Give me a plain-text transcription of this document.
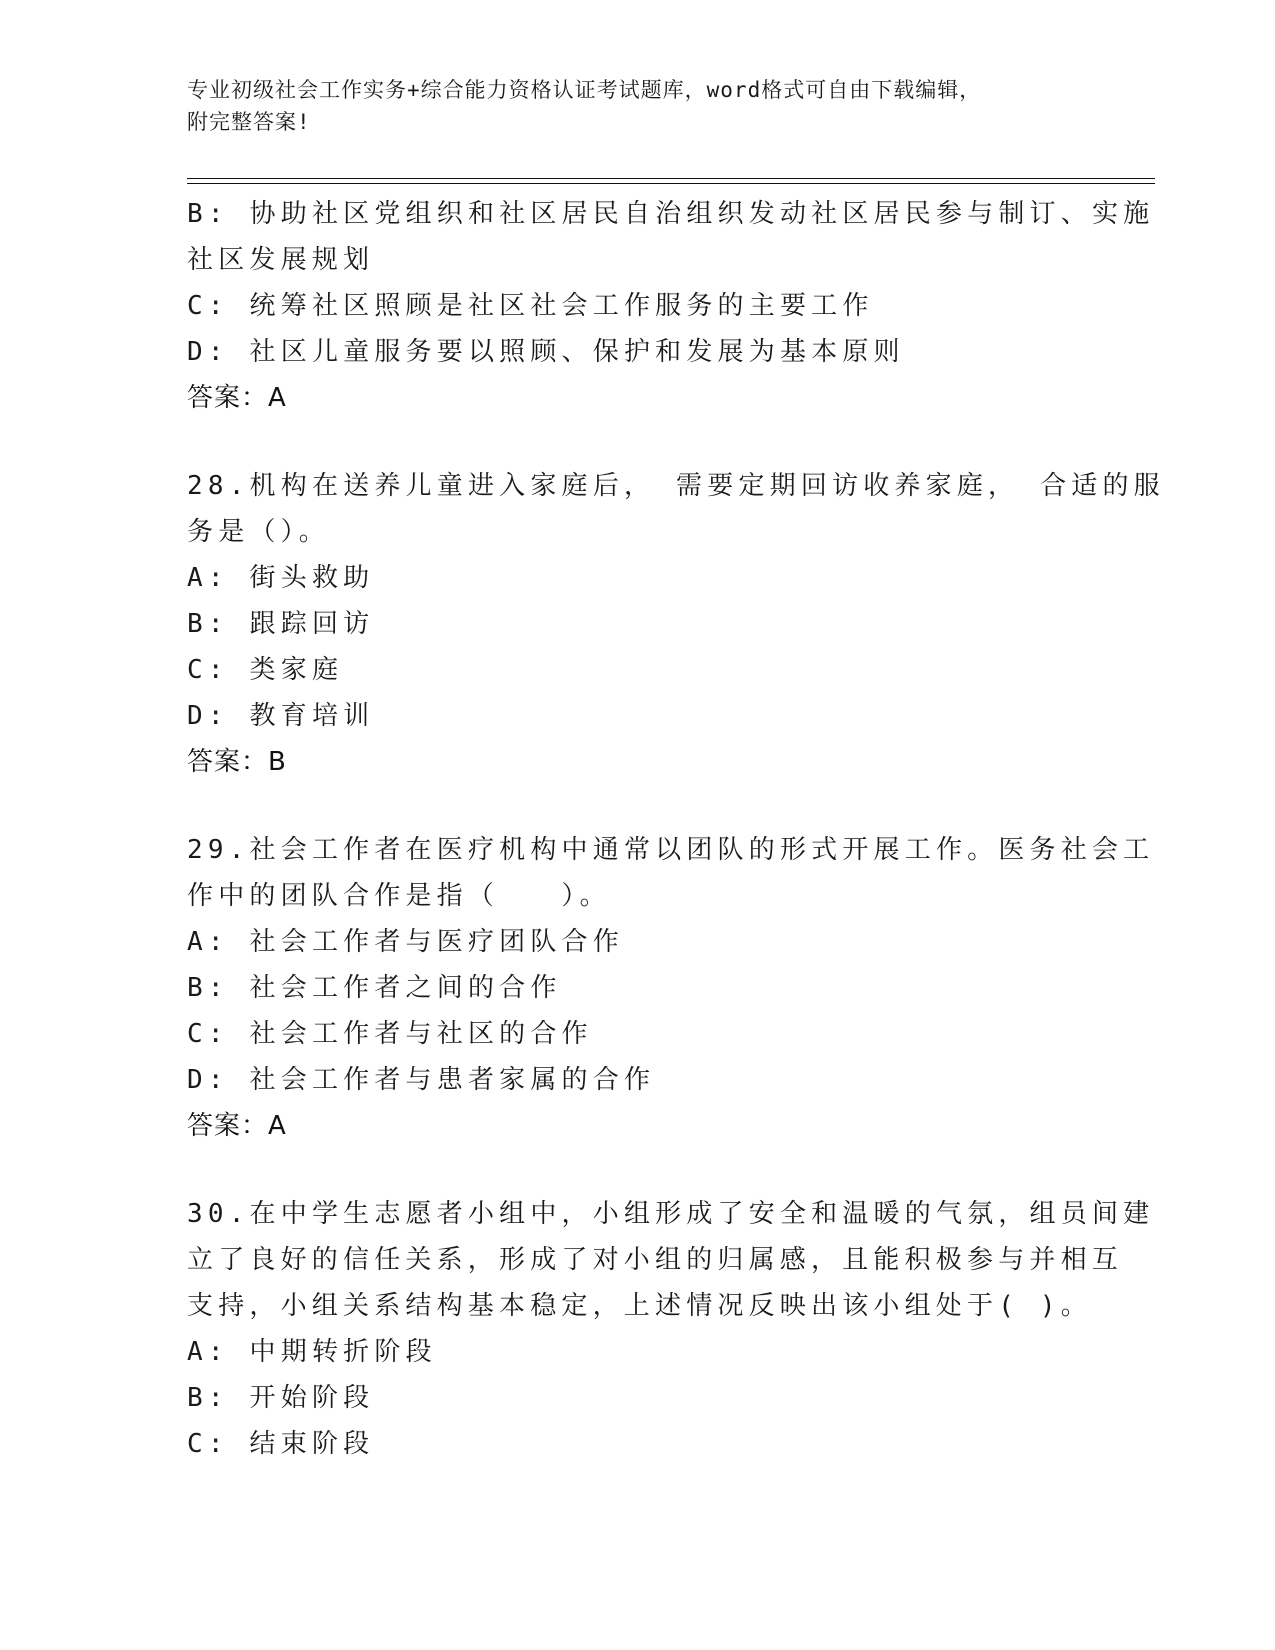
专业初级社会工作实务+综合能力资格认证考试题库，word格式可自由下载编辑，
附完整答案!
B: 协助社区党组织和社区居民自治组织发动社区居民参与制订、实施
社区发展规划
C: 统筹社区照顾是社区社会工作服务的主要工作
D: 社区儿童服务要以照顾、保护和发展为基本原则
答案：A
28.机构在送养儿童进入家庭后， 需要定期回访收养家庭， 合适的服
务是（）。
A: 街头救助
B: 跟踪回访
C: 类家庭
D: 教育培训
答案：B
29.社会工作者在医疗机构中通常以团队的形式开展工作。医务社会工
作中的团队合作是指（　　）。
A: 社会工作者与医疗团队合作
B: 社会工作者之间的合作
C: 社会工作者与社区的合作
D: 社会工作者与患者家属的合作
答案：A
30.在中学生志愿者小组中，小组形成了安全和温暖的气氛，组员间建
立了良好的信任关系，形成了对小组的归属感，且能积极参与并相互
支持，小组关系结构基本稳定，上述情况反映出该小组处于( )。
A: 中期转折阶段
B: 开始阶段
C: 结束阶段
